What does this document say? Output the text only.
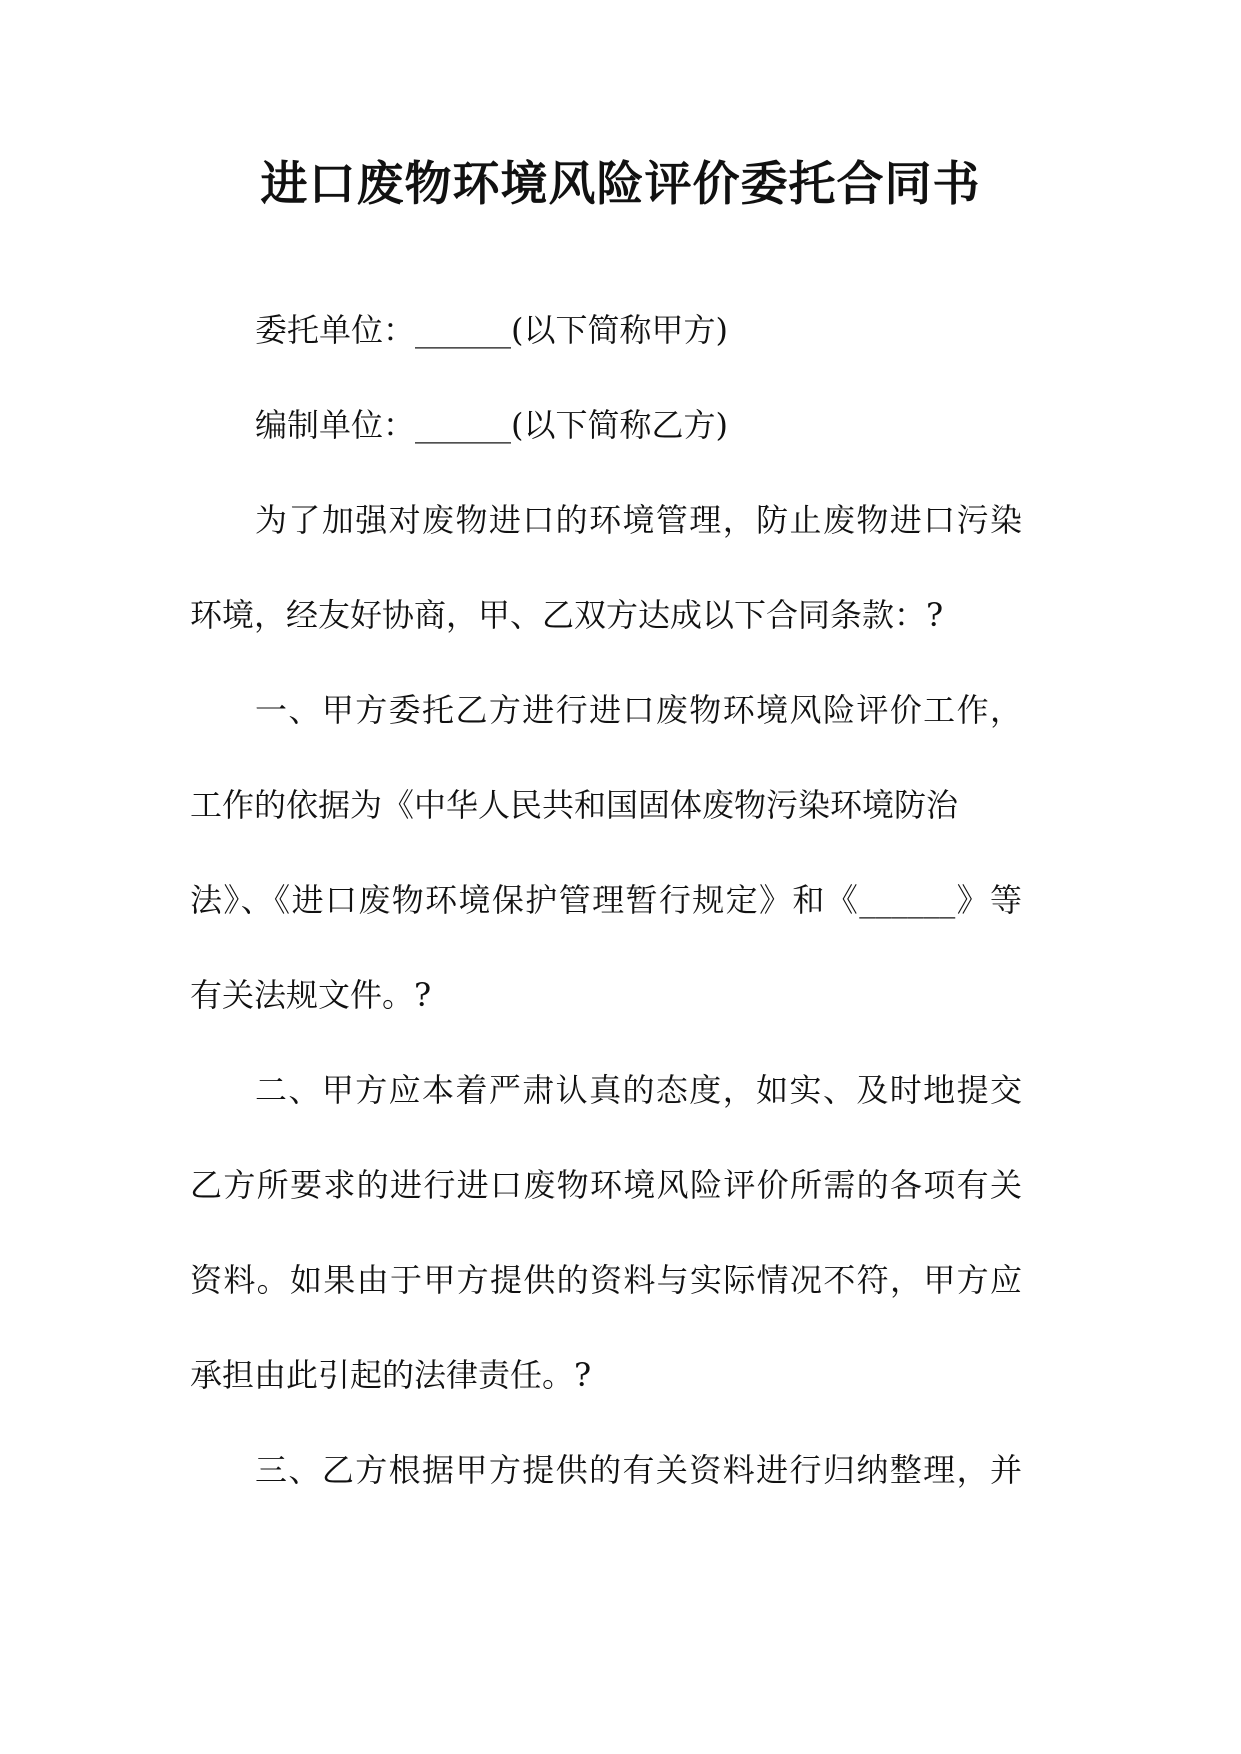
进口废物环境风险评价委托合同书
委托单位：______(以下简称甲方)
编制单位：______(以下简称乙方)
为了加强对废物进口的环境管理，防止废物进口污染
环境，经友好协商，甲、乙双方达成以下合同条款：?
一、甲方委托乙方进行进口废物环境风险评价工作，
工作的依据为《中华人民共和国固体废物污染环境防治
法》、《进口废物环境保护管理暂行规定》和《______》等
有关法规文件。?
二、甲方应本着严肃认真的态度，如实、及时地提交
乙方所要求的进行进口废物环境风险评价所需的各项有关
资料。如果由于甲方提供的资料与实际情况不符，甲方应
承担由此引起的法律责任。?
三、乙方根据甲方提供的有关资料进行归纳整理，并
